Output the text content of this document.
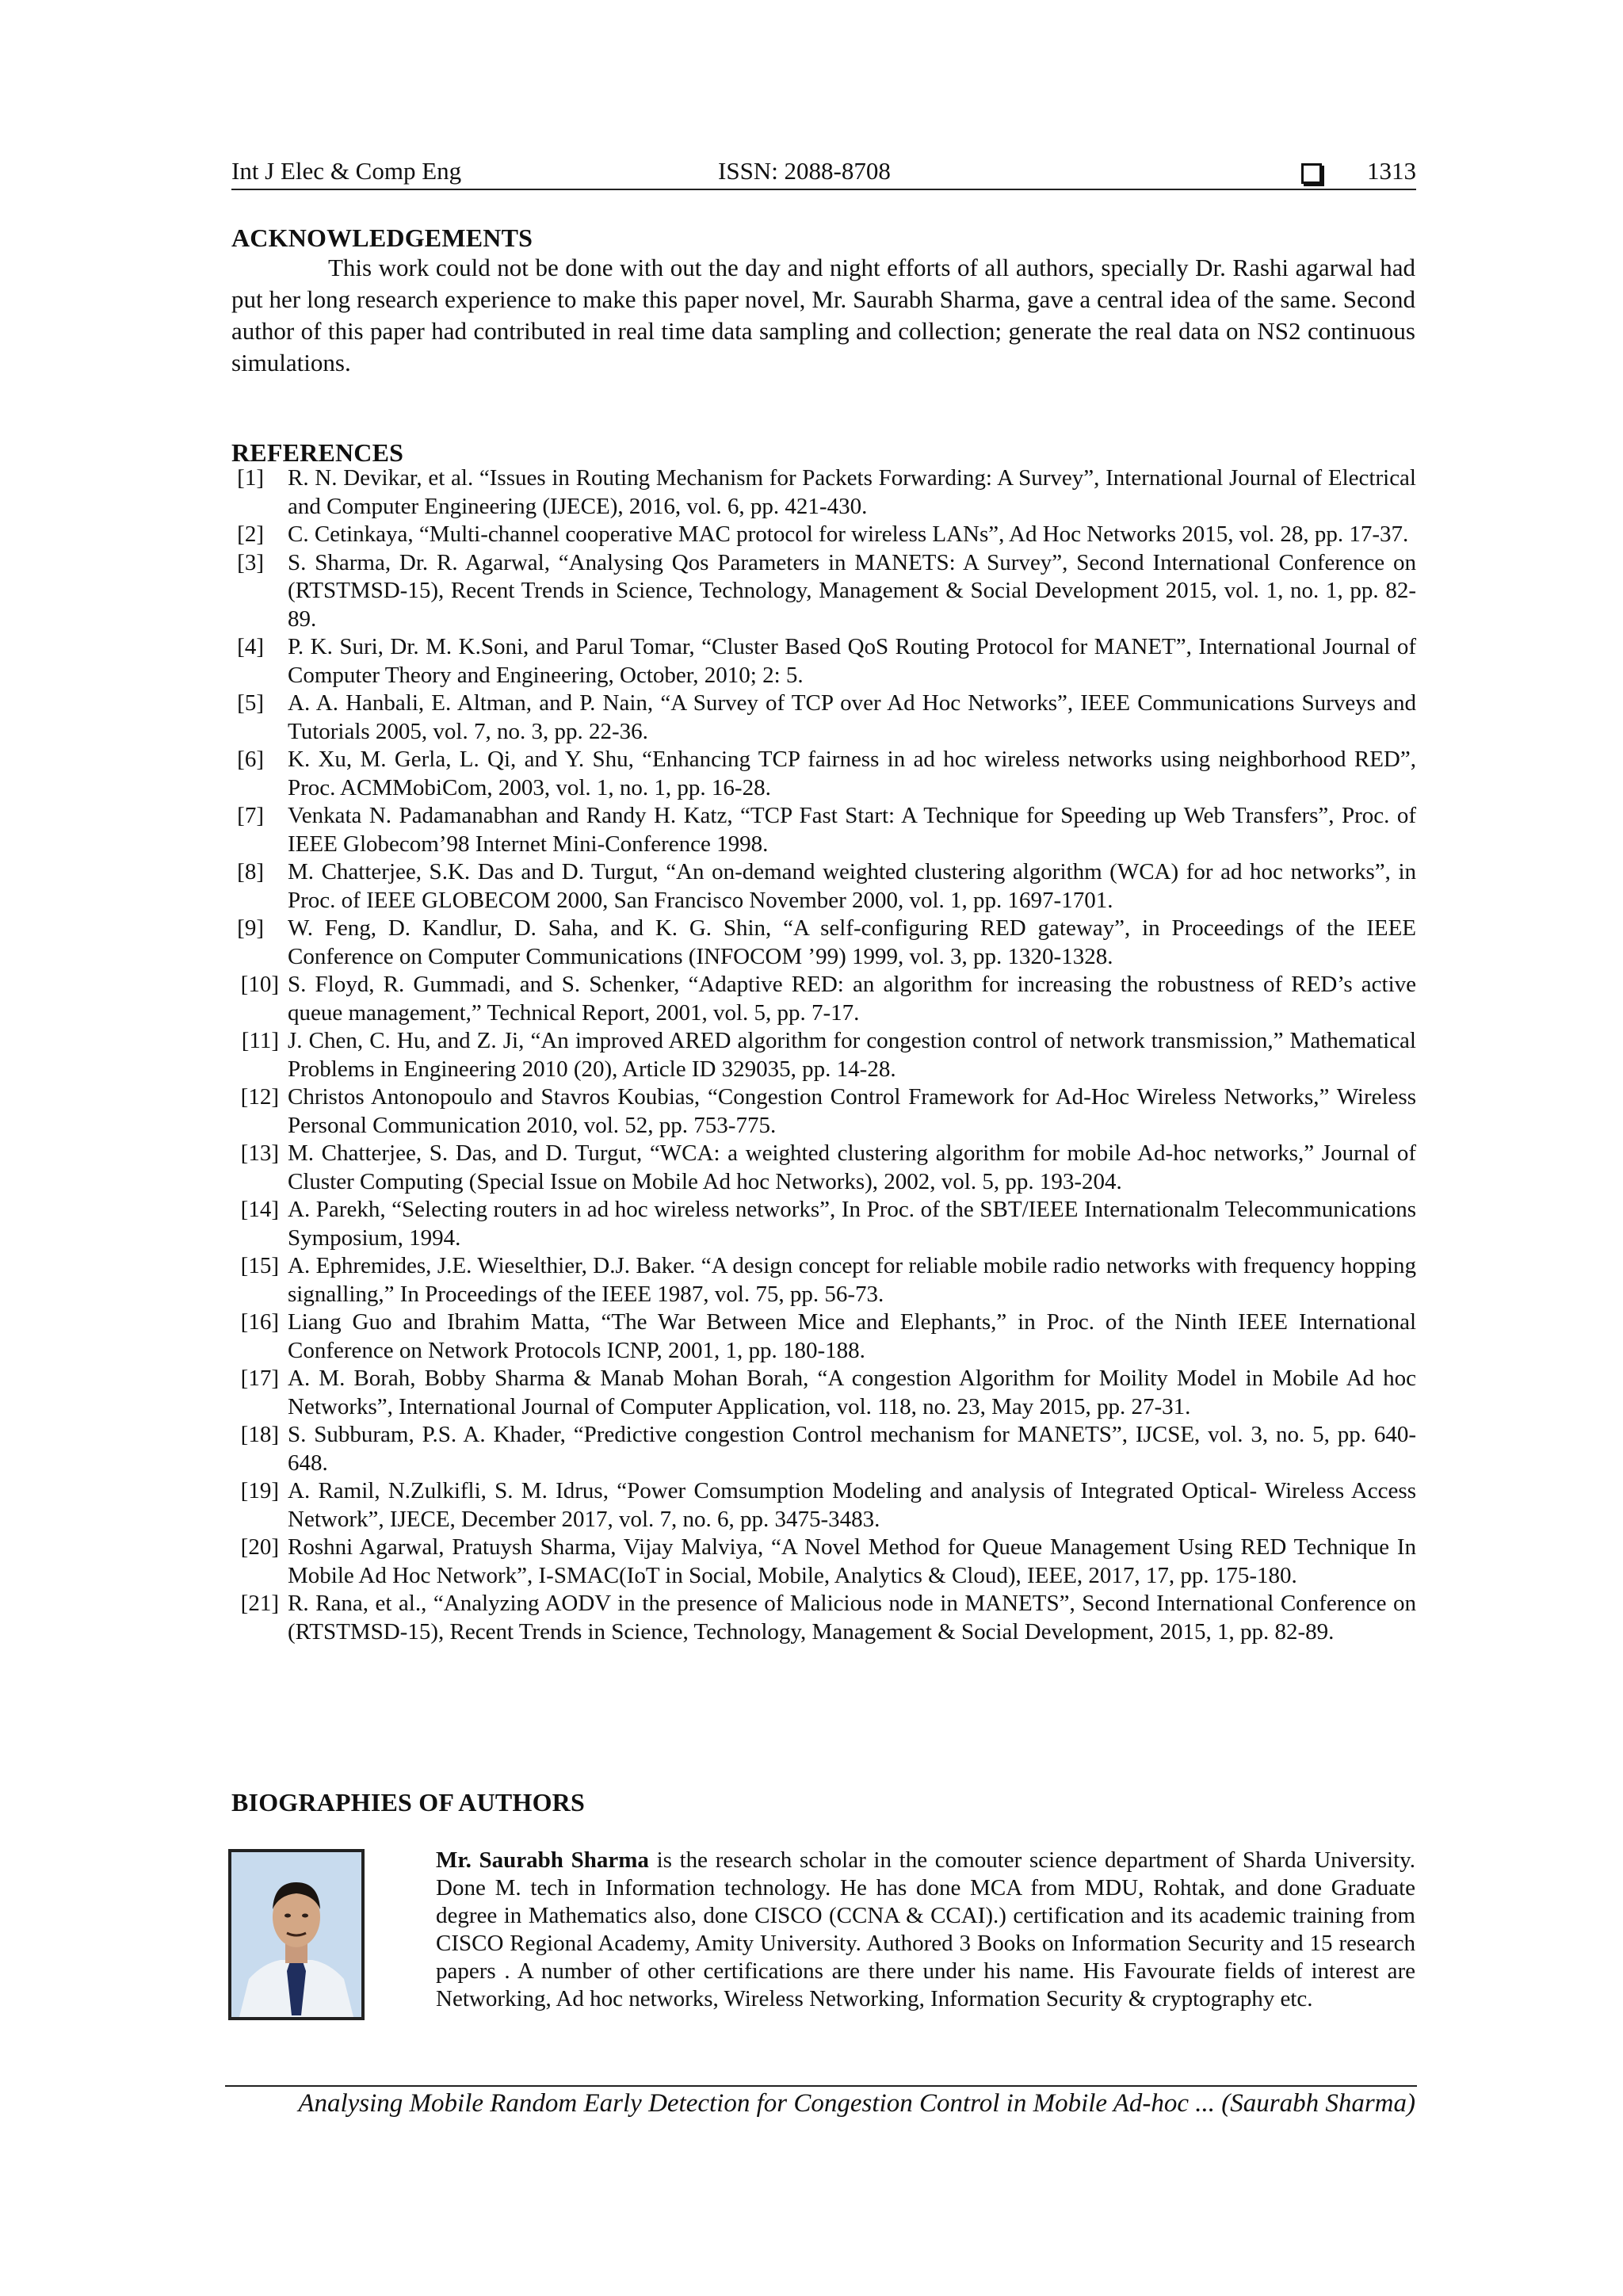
Int J Elec & Comp Eng	ISSN: 2088-8708	1313
ACKNOWLEDGEMENTS

This work could not be done with out the day and night efforts of all authors, specially Dr. Rashi agarwal had put her long research experience to make this paper novel, Mr. Saurabh Sharma, gave a central idea of the same. Second author of this paper had contributed in real time data sampling and collection; generate the real data on NS2 continuous simulations.

REFERENCES
[1] R. N. Devikar, et al. “Issues in Routing Mechanism for Packets Forwarding: A Survey”, International Journal of Electrical and Computer Engineering (IJECE), 2016, vol. 6, pp. 421-430.
[2] C. Cetinkaya, “Multi-channel cooperative MAC protocol for wireless LANs”, Ad Hoc Networks 2015, vol. 28, pp. 17-37.
[3] S. Sharma, Dr. R. Agarwal, “Analysing Qos Parameters in MANETS: A Survey”, Second International Conference on (RTSTMSD-15), Recent Trends in Science, Technology, Management & Social Development 2015, vol. 1, no. 1, pp. 82-89.
[4] P. K. Suri, Dr. M. K.Soni, and Parul Tomar, “Cluster Based QoS Routing Protocol for MANET”, International Journal of Computer Theory and Engineering, October, 2010; 2: 5.
[5] A. A. Hanbali, E. Altman, and P. Nain, “A Survey of TCP over Ad Hoc Networks”, IEEE Communications Surveys and Tutorials 2005, vol. 7, no. 3, pp. 22-36.
[6] K. Xu, M. Gerla, L. Qi, and Y. Shu, “Enhancing TCP fairness in ad hoc wireless networks using neighborhood RED”, Proc. ACMMobiCom, 2003, vol. 1, no. 1, pp. 16-28.
[7] Venkata N. Padamanabhan and Randy H. Katz, “TCP Fast Start: A Technique for Speeding up Web Transfers”, Proc. of IEEE Globecom’98 Internet Mini-Conference 1998.
[8] M. Chatterjee, S.K. Das and D. Turgut, “An on-demand weighted clustering algorithm (WCA) for ad hoc networks”, in Proc. of IEEE GLOBECOM 2000, San Francisco November 2000, vol. 1, pp. 1697-1701.
[9] W. Feng, D. Kandlur, D. Saha, and K. G. Shin, “A self-configuring RED gateway”, in Proceedings of the IEEE Conference on Computer Communications (INFOCOM ’99) 1999, vol. 3, pp. 1320-1328.
[10] S. Floyd, R. Gummadi, and S. Schenker, “Adaptive RED: an algorithm for increasing the robustness of RED’s active queue management,” Technical Report, 2001, vol. 5, pp. 7-17.
[11] J. Chen, C. Hu, and Z. Ji, “An improved ARED algorithm for congestion control of network transmission,” Mathematical Problems in Engineering 2010 (20), Article ID 329035, pp. 14-28.
[12] Christos Antonopoulo and Stavros Koubias, “Congestion Control Framework for Ad-Hoc Wireless Networks,” Wireless Personal Communication 2010, vol. 52, pp. 753-775.
[13] M. Chatterjee, S. Das, and D. Turgut, “WCA: a weighted clustering algorithm for mobile Ad-hoc networks,” Journal of Cluster Computing (Special Issue on Mobile Ad hoc Networks), 2002, vol. 5, pp. 193-204.
[14] A. Parekh, “Selecting routers in ad hoc wireless networks”, In Proc. of the SBT/IEEE Internationalm Telecommunications Symposium, 1994.
[15] A. Ephremides, J.E. Wieselthier, D.J. Baker. “A design concept for reliable mobile radio networks with frequency hopping signalling,” In Proceedings of the IEEE 1987, vol. 75, pp. 56-73.
[16] Liang Guo and Ibrahim Matta, “The War Between Mice and Elephants,” in Proc. of the Ninth IEEE International Conference on Network Protocols ICNP, 2001, 1, pp. 180-188.
[17] A. M. Borah, Bobby Sharma & Manab Mohan Borah, “A congestion Algorithm for Moility Model in Mobile Ad hoc Networks”, International Journal of Computer Application, vol. 118, no. 23, May 2015, pp. 27-31.
[18] S. Subburam, P.S. A. Khader, “Predictive congestion Control mechanism for MANETS”, IJCSE, vol. 3, no. 5, pp. 640-648.
[19] A. Ramil, N.Zulkifli, S. M. Idrus, “Power Comsumption Modeling and analysis of Integrated Optical- Wireless Access Network”, IJECE, December 2017, vol. 7, no. 6, pp. 3475-3483.
[20] Roshni Agarwal, Pratuysh Sharma, Vijay Malviya, “A Novel Method for Queue Management Using RED Technique In Mobile Ad Hoc Network”, I-SMAC(IoT in Social, Mobile, Analytics & Cloud), IEEE, 2017, 17, pp. 175-180.
[21] R. Rana, et al., “Analyzing AODV in the presence of Malicious node in MANETS”, Second International Conference on (RTSTMSD-15), Recent Trends in Science, Technology, Management & Social Development, 2015, 1, pp. 82-89.
BIOGRAPHIES OF AUTHORS

Mr. Saurabh Sharma is the research scholar in the comouter science department of Sharda University. Done M. tech in Information technology. He has done MCA from MDU, Rohtak, and done Graduate degree in Mathematics also, done CISCO (CCNA & CCAI).) certification and its academic training from CISCO Regional Academy, Amity University. Authored 3 Books on Information Security and 15 research papers . A number of other certifications are there under his name. His Favourate fields of interest are Networking, Ad hoc networks, Wireless Networking, Information Security & cryptography etc.

Analysing Mobile Random Early Detection for Congestion Control in Mobile Ad-hoc ... (Saurabh Sharma)
